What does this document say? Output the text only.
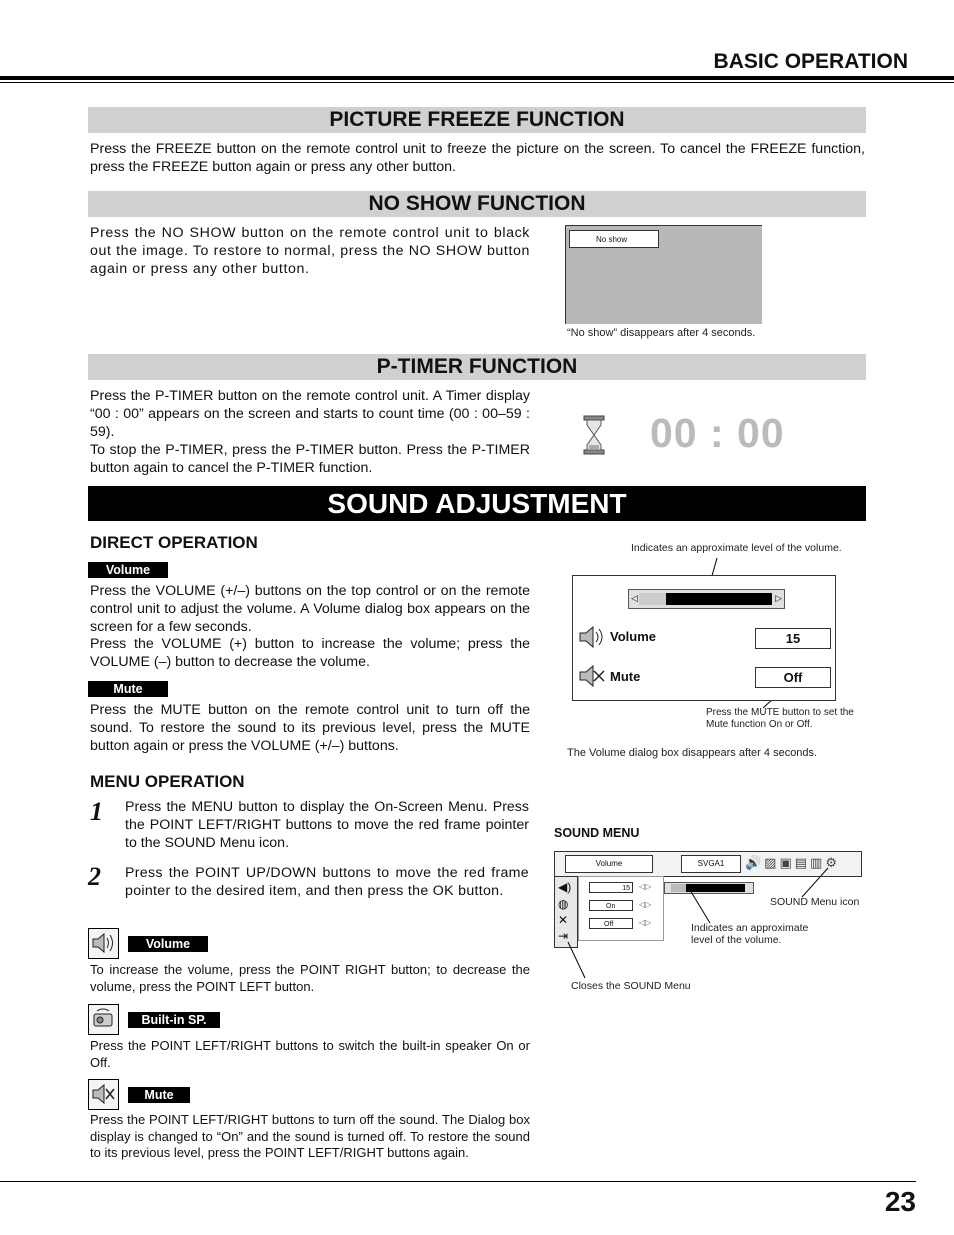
BASIC OPERATION
PICTURE FREEZE FUNCTION
Press the FREEZE button on the remote control unit to freeze the picture on the screen. To cancel the FREEZE function, press the FREEZE button again or press any other button.
NO SHOW FUNCTION
Press the NO SHOW button on the remote control unit to black out the image. To restore to normal, press the NO SHOW button again or press any other button.
No show
“No show” disappears after 4 seconds.
P-TIMER FUNCTION
Press the P-TIMER button on the remote control unit. A Timer display “00 : 00” appears on the screen and starts to count time (00 : 00–59 : 59).
To stop the P-TIMER, press the P-TIMER button. Press the P-TIMER button again to cancel the P-TIMER function.
00 : 00
SOUND ADJUSTMENT
DIRECT OPERATION
Volume
Press the VOLUME (+/–) buttons on the top control or on the remote control unit to adjust the volume. A Volume dialog box appears on the screen for a few seconds.
Press the VOLUME (+) button to increase the volume; press the VOLUME (–) button to decrease the volume.
Mute
Press the MUTE button on the remote control unit to turn off the sound. To restore the sound to its previous level, press the MUTE button again or press the VOLUME (+/–) buttons.
Indicates an approximate level of the volume.
◁	▷
Volume	15
Mute	Off
Press the MUTE button to set the Mute function On or Off.
The Volume dialog box disappears after 4 seconds.
MENU OPERATION
1 Press the MENU button to display the On-Screen Menu. Press the POINT LEFT/RIGHT buttons to move the red frame pointer to the SOUND Menu icon.
2 Press the POINT UP/DOWN buttons to move the red frame pointer to the desired item, and then press the OK button.
Volume
To increase the volume, press the POINT RIGHT button; to decrease the volume, press the POINT LEFT button.
Built-in SP.
Press the POINT LEFT/RIGHT buttons to switch the built-in speaker On or Off.
Mute
Press the POINT LEFT/RIGHT buttons to turn off the sound. The Dialog box display is changed to “On” and the sound is turned off. To restore the sound to its previous level, press the POINT LEFT/RIGHT buttons again.
SOUND MENU
Volume	SVGA1	🔊▨▣▤▥⚙
◀)
◍
✕
⇥
15	◁▷
On	◁▷
Off	◁▷
SOUND Menu icon
Indicates an approximate level of the volume.
Closes the SOUND Menu
23
